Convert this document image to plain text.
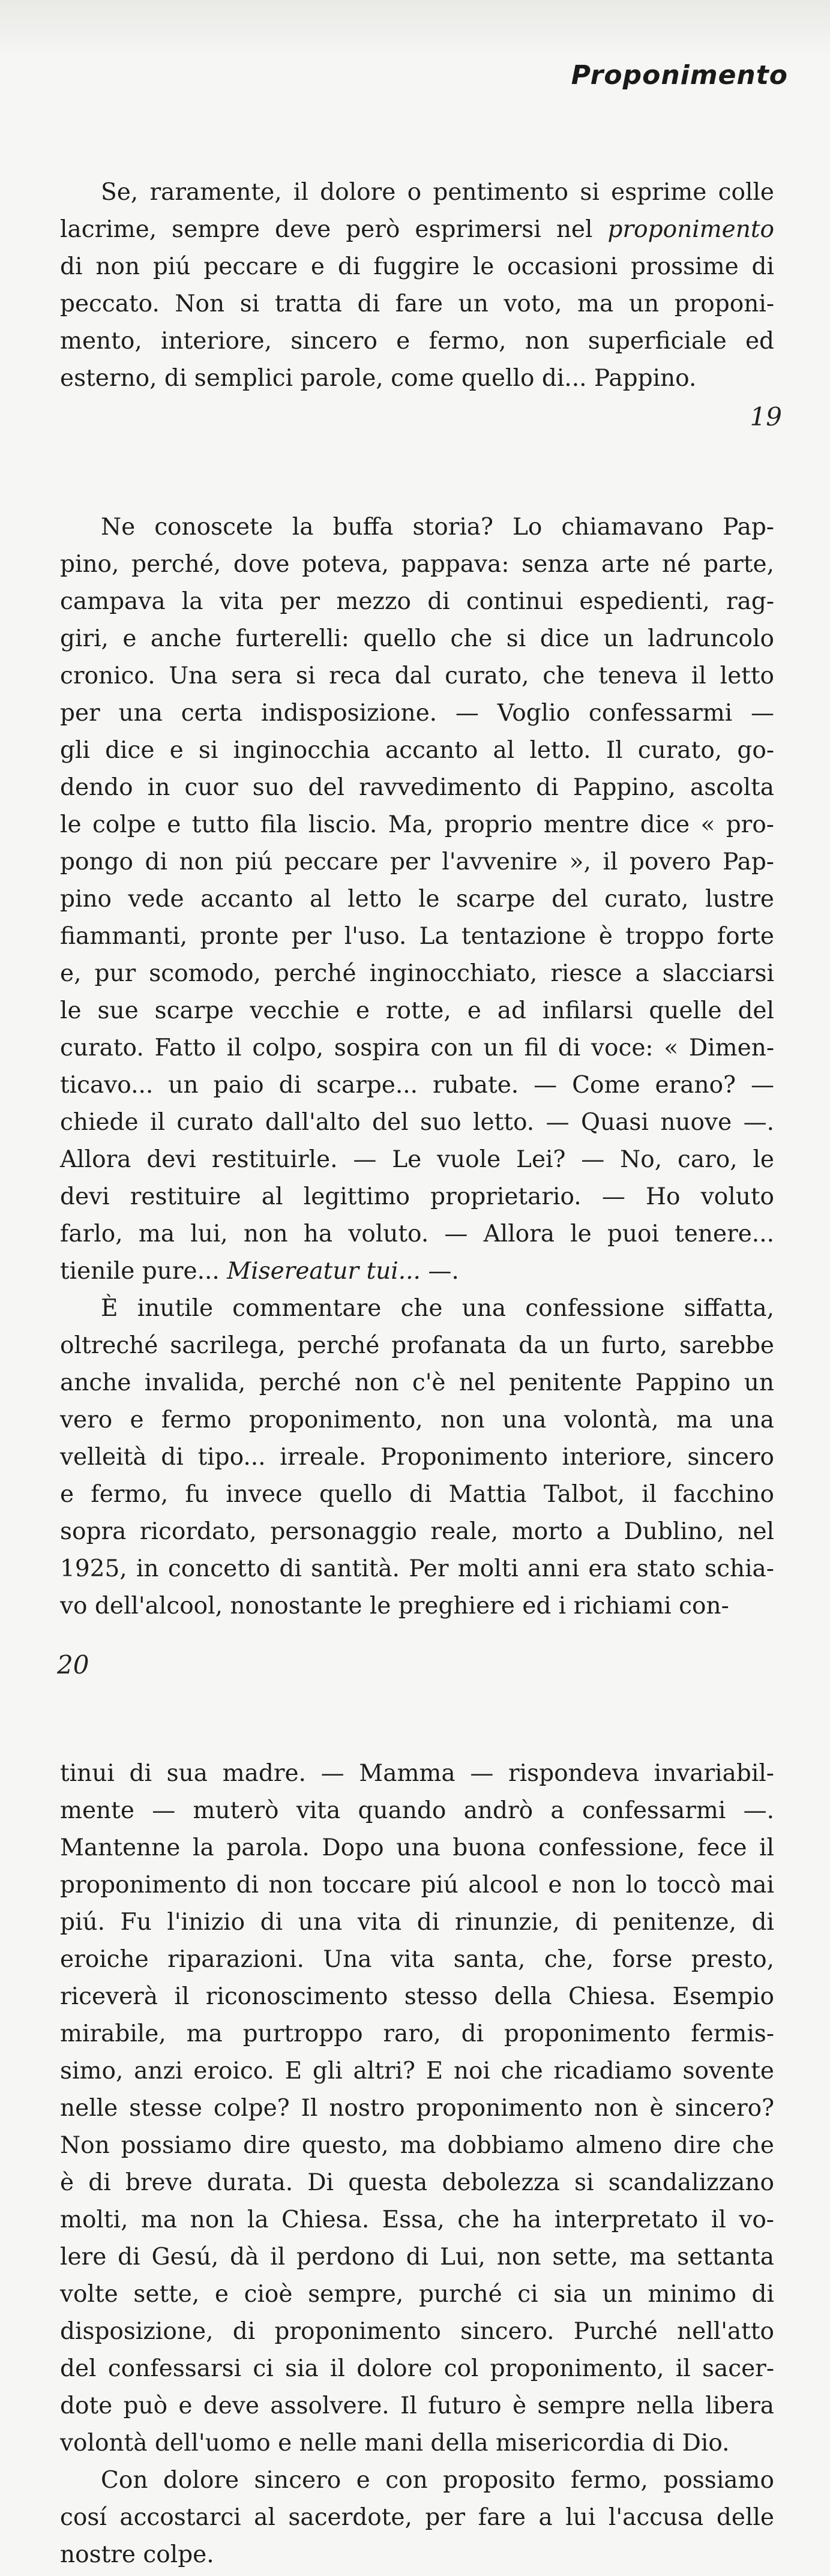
Proponimento

Se, raramente, il dolore o pentimento si esprime colle
lacrime, sempre deve però esprimersi nel proponimento
di non piú peccare e di fuggire le occasioni prossime di
peccato. Non si tratta di fare un voto, ma un proponi-
mento, interiore, sincero e fermo, non superficiale ed
esterno, di semplici parole, come quello di... Pappino.

19

Ne conoscete la buffa storia? Lo chiamavano Pap-
pino, perché, dove poteva, pappava: senza arte né parte,
campava la vita per mezzo di continui espedienti, rag-
giri, e anche furterelli: quello che si dice un ladruncolo
cronico. Una sera si reca dal curato, che teneva il letto
per una certa indisposizione. — Voglio confessarmi —
gli dice e si inginocchia accanto al letto. Il curato, go-
dendo in cuor suo del ravvedimento di Pappino, ascolta
le colpe e tutto fila liscio. Ma, proprio mentre dice « pro-
pongo di non piú peccare per l'avvenire », il povero Pap-
pino vede accanto al letto le scarpe del curato, lustre
fiammanti, pronte per l'uso. La tentazione è troppo forte
e, pur scomodo, perché inginocchiato, riesce a slacciarsi
le sue scarpe vecchie e rotte, e ad infilarsi quelle del
curato. Fatto il colpo, sospira con un fil di voce: « Dimen-
ticavo... un paio di scarpe... rubate. — Come erano? —
chiede il curato dall'alto del suo letto. — Quasi nuove —.
Allora devi restituirle. — Le vuole Lei? — No, caro, le
devi restituire al legittimo proprietario. — Ho voluto
farlo, ma lui, non ha voluto. — Allora le puoi tenere...
tienile pure... Misereatur tui... —.

È inutile commentare che una confessione siffatta,
oltreché sacrilega, perché profanata da un furto, sarebbe
anche invalida, perché non c'è nel penitente Pappino un
vero e fermo proponimento, non una volontà, ma una
velleità di tipo... irreale. Proponimento interiore, sincero
e fermo, fu invece quello di Mattia Talbot, il facchino
sopra ricordato, personaggio reale, morto a Dublino, nel
1925, in concetto di santità. Per molti anni era stato schia-
vo dell'alcool, nonostante le preghiere ed i richiami con-

20

tinui di sua madre. — Mamma — rispondeva invariabil-
mente — muterò vita quando andrò a confessarmi —.
Mantenne la parola. Dopo una buona confessione, fece il
proponimento di non toccare piú alcool e non lo toccò mai
piú. Fu l'inizio di una vita di rinunzie, di penitenze, di
eroiche riparazioni. Una vita santa, che, forse presto,
riceverà il riconoscimento stesso della Chiesa. Esempio
mirabile, ma purtroppo raro, di proponimento fermis-
simo, anzi eroico. E gli altri? E noi che ricadiamo sovente
nelle stesse colpe? Il nostro proponimento non è sincero?
Non possiamo dire questo, ma dobbiamo almeno dire che
è di breve durata. Di questa debolezza si scandalizzano
molti, ma non la Chiesa. Essa, che ha interpretato il vo-
lere di Gesú, dà il perdono di Lui, non sette, ma settanta
volte sette, e cioè sempre, purché ci sia un minimo di
disposizione, di proponimento sincero. Purché nell'atto
del confessarsi ci sia il dolore col proponimento, il sacer-
dote può e deve assolvere. Il futuro è sempre nella libera
volontà dell'uomo e nelle mani della misericordia di Dio.

Con dolore sincero e con proposito fermo, possiamo
cosí accostarci al sacerdote, per fare a lui l'accusa delle
nostre colpe.
